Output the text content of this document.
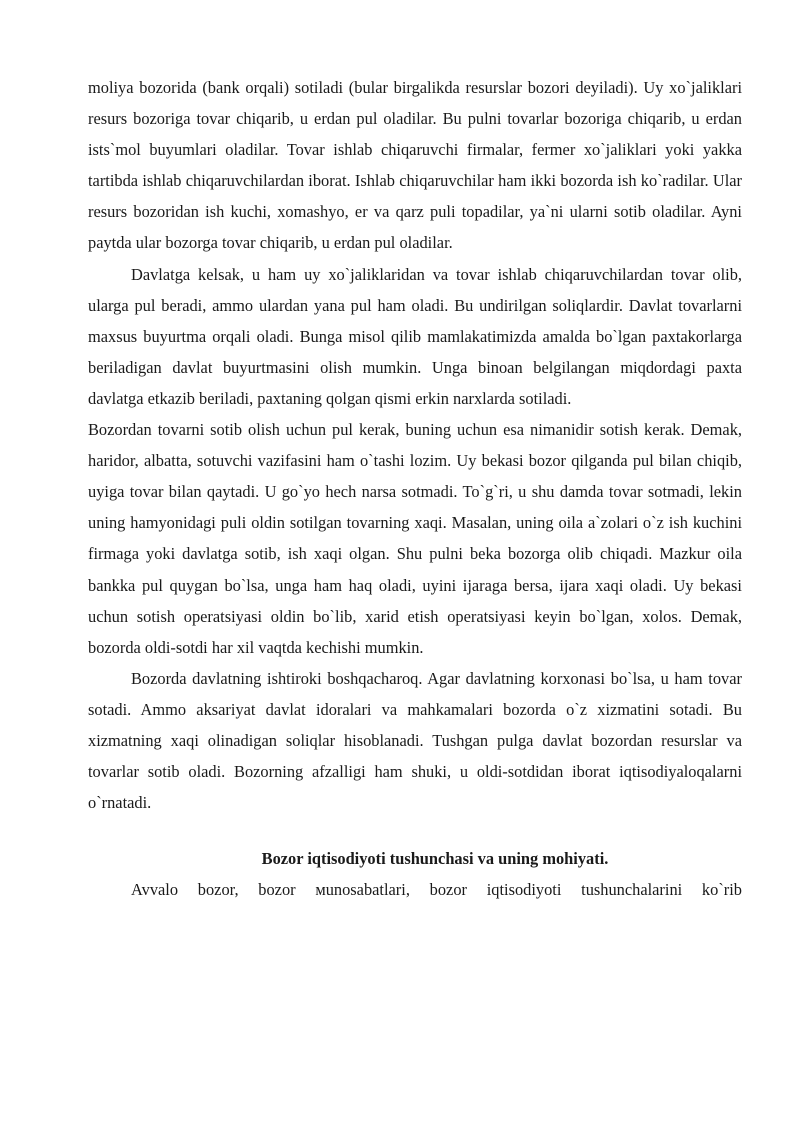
moliya bozorida (bank orqali) sotiladi (bular birgalikda resurslar bozori deyiladi). Uy xo`jaliklari resurs bozoriga tovar chiqarib, u erdan pul oladilar. Bu pulni tovarlar bozoriga chiqarib, u erdan ists`mol buyumlari oladilar. Tovar ishlab chiqaruvchi firmalar, fermer xo`jaliklari yoki yakka tartibda ishlab chiqaruvchilardan iborat. Ishlab chiqaruvchilar ham ikki bozorda ish ko`radilar. Ular resurs bozoridan ish kuchi, xomashyo, er va qarz puli topadilar, ya`ni ularni sotib oladilar. Ayni paytda ular bozorga tovar chiqarib, u erdan pul oladilar.

Davlatga kelsak, u ham uy xo`jaliklaridan va tovar ishlab chiqaruvchilardan tovar olib, ularga pul beradi, ammo ulardan yana pul ham oladi. Bu undirilgan soliqlardir. Davlat tovarlarni maxsus buyurtma orqali oladi. Bunga misol qilib mamlakatimizda amalda bo`lgan paxtakorlarga beriladigan davlat buyurtmasini olish mumkin. Unga binoan belgilangan miqdordagi paxta davlatga etkazib beriladi, paxtaning qolgan qismi erkin narxlarda sotiladi.

Bozordan tovarni sotib olish uchun pul kerak, buning uchun esa nimanidir sotish kerak. Demak, haridor, albatta, sotuvchi vazifasini ham o`tashi lozim. Uy bekasi bozor qilganda pul bilan chiqib, uyiga tovar bilan qaytadi. U go`yo hech narsa sotmadi. To`g`ri, u shu damda tovar sotmadi, lekin uning hamyonidagi puli oldin sotilgan tovarning xaqi. Masalan, uning oila a`zolari o`z ish kuchini firmaga yoki davlatga sotib, ish xaqi olgan. Shu pulni beka bozorga olib chiqadi. Mazkur oila bankka pul quygan bo`lsa, unga ham haq oladi, uyini ijaraga bersa, ijara xaqi oladi. Uy bekasi uchun sotish operatsiyasi oldin bo`lib, xarid etish operatsiyasi keyin bo`lgan, xolos. Demak, bozorda oldi-sotdi har xil vaqtda kechishi mumkin.

Bozorda davlatning ishtiroki boshqacharoq. Agar davlatning korxonasi bo`lsa, u ham tovar sotadi. Ammo aksariyat davlat idoralari va mahkamalari bozorda o`z xizmatini sotadi. Bu xizmatning xaqi olinadigan soliqlar hisoblanadi. Tushgan pulga davlat bozordan resurslar va tovarlar sotib oladi. Bozorning afzalligi ham shuki, u oldi-sotdidan iborat iqtisodiyaloqalarni o`rnatadi.

Bozor iqtisodiyoti tushunchasi va uning mohiyati.

Avvalo bozor, bozor мunosabatlari, bozor iqtisodiyoti tushunchalarini ko`rib
